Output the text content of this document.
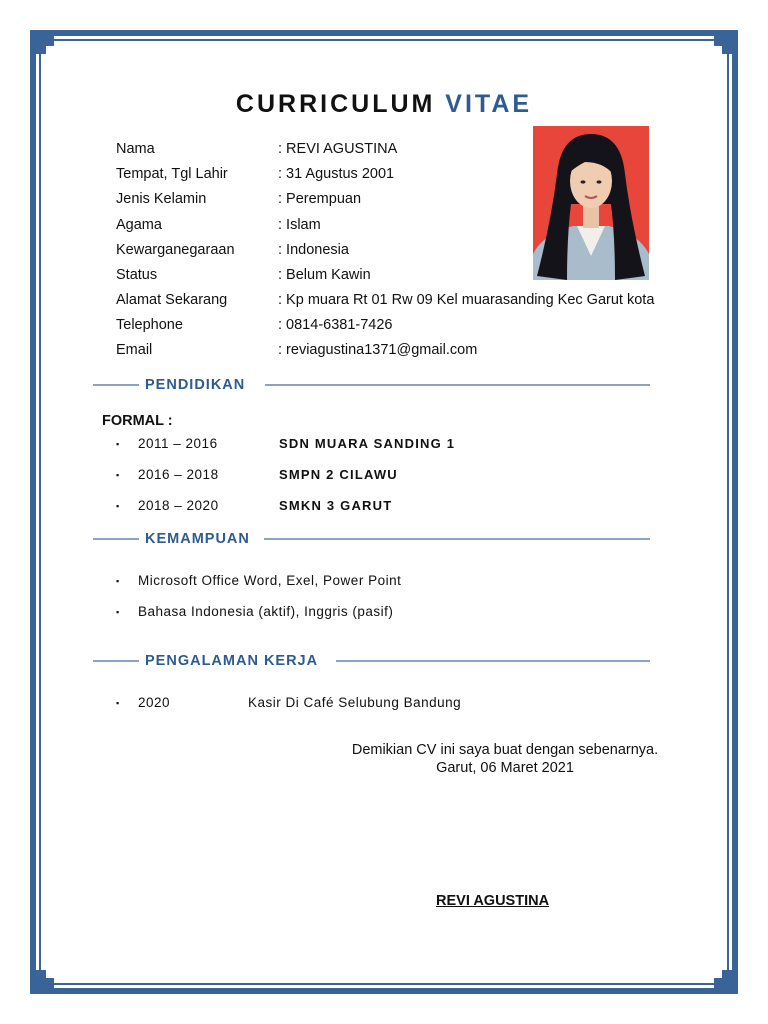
CURRICULUM VITAE
Nama	: REVI AGUSTINA
Tempat, Tgl Lahir	: 31 Agustus 2001
Jenis Kelamin	: Perempuan
Agama	: Islam
Kewarganegaraan	: Indonesia
Status	: Belum Kawin
Alamat Sekarang	: Kp muara Rt 01 Rw 09 Kel muarasanding Kec Garut kota
Telephone	: 0814-6381-7426
Email	: reviagustina1371@gmail.com
PENDIDIKAN
FORMAL :
▪ 2011 – 2016	SDN MUARA SANDING 1
▪ 2016 – 2018	SMPN 2 CILAWU
▪ 2018 – 2020	SMKN 3 GARUT
KEMAMPUAN
▪ Microsoft Office Word, Exel, Power Point
▪ Bahasa Indonesia (aktif), Inggris (pasif)
PENGALAMAN KERJA
▪ 2020	Kasir Di Café Selubung Bandung
Demikian CV ini saya buat dengan sebenarnya.
Garut, 06 Maret 2021
REVI AGUSTINA
